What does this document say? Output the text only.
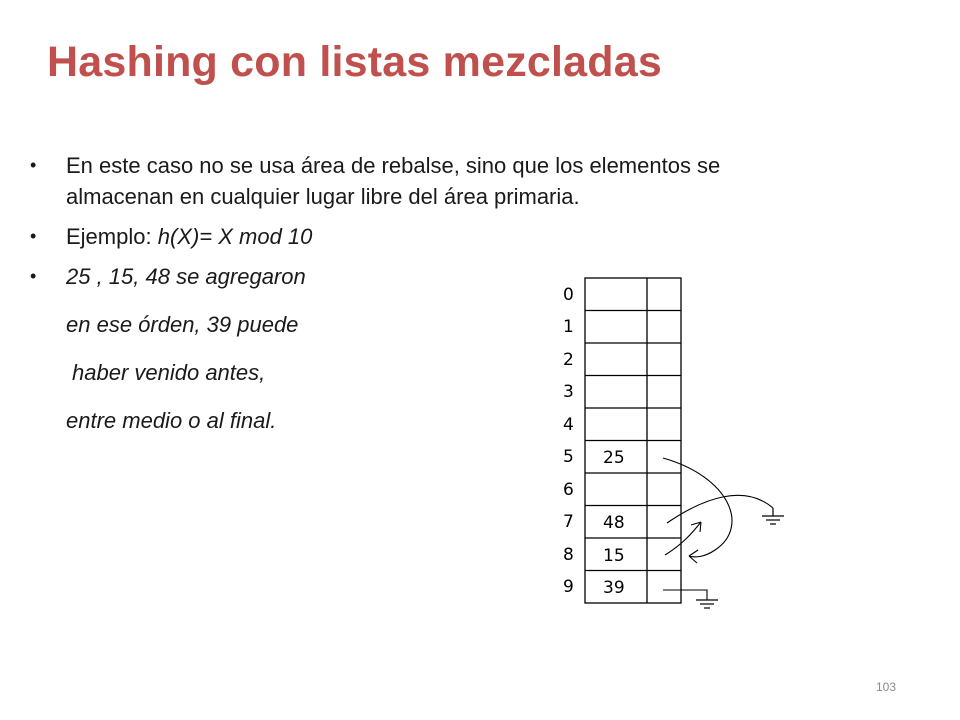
Hashing con listas mezcladas
• En este caso no se usa área de rebalse, sino que los elementos se almacenan en cualquier lugar libre del área primaria.
• Ejemplo: h(X)= X mod 10
• 25 , 15, 48 se agregaron
en ese órden, 39 puede
haber venido antes,
entre medio o al final.
0
1
2
3
4
5
6
7
8
9
25
48
15
39
103
